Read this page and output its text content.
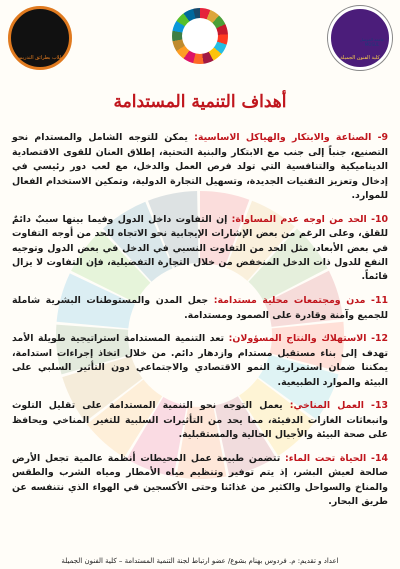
طلاب بطرائق التدريس
جامعة الموصل
MOSUL
كلية الفنون الجميلة
أهداف التنمية المستدامة

9- الصناعة والابتكار والهياكل الاساسية: يمكن للتوجه الشامل والمستدام نحو التصنيع، جنباً إلى جنب مع الابتكار والبنية التحتية، إطلاق العنان للقوى الاقتصادية الديناميكية والتنافسية التي تولد فرص العمل والدخل، مع لعب دور رئيسي في إدخال وتعزيز التقنيات الجديدة، وتسهيل التجارة الدولية، وتمكين الاستخدام الفعال للموارد.

10- الحد من اوجه عدم المساواة: إن التفاوت داخل الدول وفيما بينها سببٌ دائمٌ للقلق، وعلى الرغم من بعض الإشارات الإيجابية نحو الاتجاه للحد من أوجه التفاوت في بعض الأبعاد، مثل الحد من التفاوت النسبي في الدخل في بعض الدول وتوجيه النفع للدول ذات الدخل المنخفض من خلال التجارة التفضيلية، فإن التفاوت لا يزال قائماً.

11- مدن ومجتمعات محلية مستدامة: جعل المدن والمستوطنات البشرية شاملة للجميع وآمنة وقادرة على الصمود ومستدامة.

12- الاستهلاك والنتاج المسؤولان: تعد التنمية المستدامة استراتيجية طويلة الأمد تهدف إلى بناء مستقبل مستدام وازدهار دائم. من خلال اتخاذ إجراءات استدامة، يمكننا ضمان استمرارية النمو الاقتصادي والاجتماعي دون التأثير السلبي على البيئة والموارد الطبيعية.

13- العمل المناخي: يعمل التوجه نحو التنمية المستدامة على تقليل التلوث وانبعاثات الغازات الدفيئة، مما يحد من التأثيرات السلبية للتغير المناخي ويحافظ على صحة البيئة والأجيال الحالية والمستقبلية.

14- الحياة تحت الماء: تتضمن طبيعة عمل المحيطات أنظمة عالمية تجعل الأرض صالحة لعيش البشر، إذ يتم توفير وتنظيم مياه الأمطار ومياه الشرب والطقس والمناخ والسواحل والكثير من غذائنا وحتى الأكسجين في الهواء الذي نتنفسه عن طريق البحار.

اعداد و تقديم: م. فردوس بهنام بشوع/ عضو ارتباط لجنة التنمية المستدامة – كلية الفنون الجميلة
